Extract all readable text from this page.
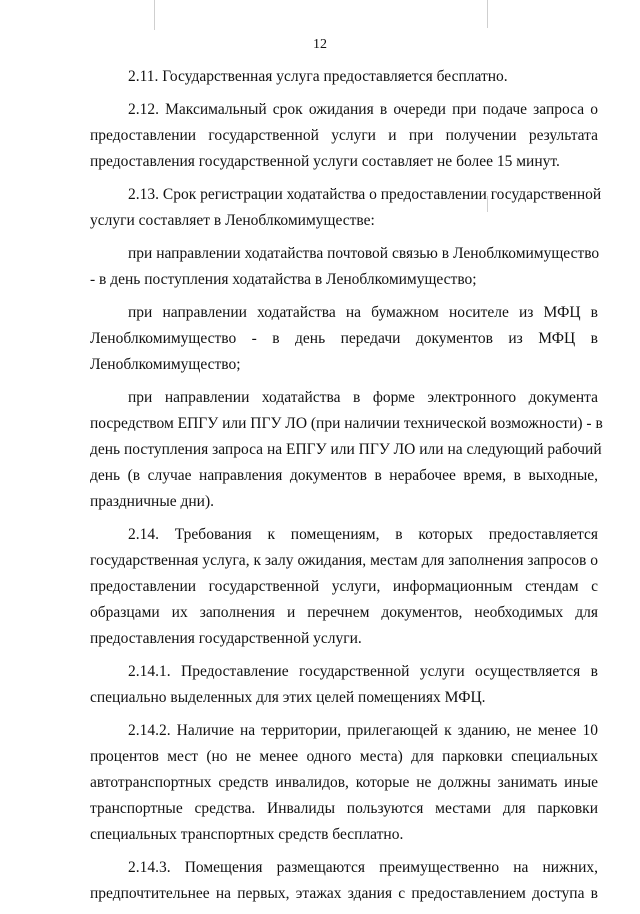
12
2.11. Государственная услуга предоставляется бесплатно.
2.12. Максимальный срок ожидания в очереди при подаче запроса о
предоставлении государственной услуги и при получении результата
предоставления государственной услуги составляет не более 15 минут.
2.13. Срок регистрации ходатайства о предоставлении государственной
услуги составляет в Леноблкомимуществе:
при направлении ходатайства почтовой связью в Леноблкомимущество
- в день поступления ходатайства в Леноблкомимущество;
при направлении ходатайства на бумажном носителе из МФЦ в
Леноблкомимущество - в день передачи документов из МФЦ в
Леноблкомимущество;
при направлении ходатайства в форме электронного документа
посредством ЕПГУ или ПГУ ЛО (при наличии технической возможности) - в
день поступления запроса на ЕПГУ или ПГУ ЛО или на следующий рабочий
день (в случае направления документов в нерабочее время, в выходные,
праздничные дни).
2.14. Требования к помещениям, в которых предоставляется
государственная услуга, к залу ожидания, местам для заполнения запросов о
предоставлении государственной услуги, информационным стендам с
образцами их заполнения и перечнем документов, необходимых для
предоставления государственной услуги.
2.14.1. Предоставление государственной услуги осуществляется в
специально выделенных для этих целей помещениях МФЦ.
2.14.2. Наличие на территории, прилегающей к зданию, не менее 10
процентов мест (но не менее одного места) для парковки специальных
автотранспортных средств инвалидов, которые не должны занимать иные
транспортные средства. Инвалиды пользуются местами для парковки
специальных транспортных средств бесплатно.
2.14.3. Помещения размещаются преимущественно на нижних,
предпочтительнее на первых, этажах здания с предоставлением доступа в
